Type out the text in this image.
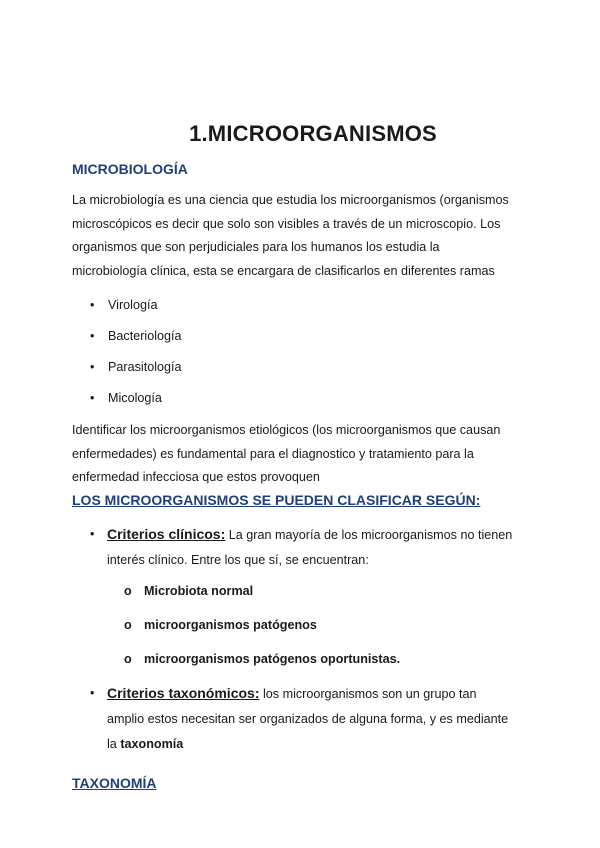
1.MICROORGANISMOS
MICROBIOLOGÍA

La microbiología es una ciencia que estudia los microorganismos (organismos
microscópicos es decir que solo son visibles a través de un microscopio. Los
organismos que son perjudiciales para los humanos los estudia la
microbiología clínica, esta se encargara de clasificarlos en diferentes ramas

• Virología

• Bacteriología

• Parasitología

• Micología

Identificar los microorganismos etiológicos (los microorganismos que causan
enfermedades) es fundamental para el diagnostico y tratamiento para la
enfermedad infecciosa que estos provoquen

LOS MICROORGANISMOS SE PUEDEN CLASIFICAR SEGÚN:
• Criterios clínicos: La gran mayoría de los microorganismos no tienen
interés clínico. Entre los que sí, se encuentran:

o Microbiota normal

o microorganismos patógenos

o microorganismos patógenos oportunistas.

• Criterios taxonómicos: los microorganismos son un grupo tan
amplio estos necesitan ser organizados de alguna forma, y es mediante
la taxonomía
TAXONOMÍA
